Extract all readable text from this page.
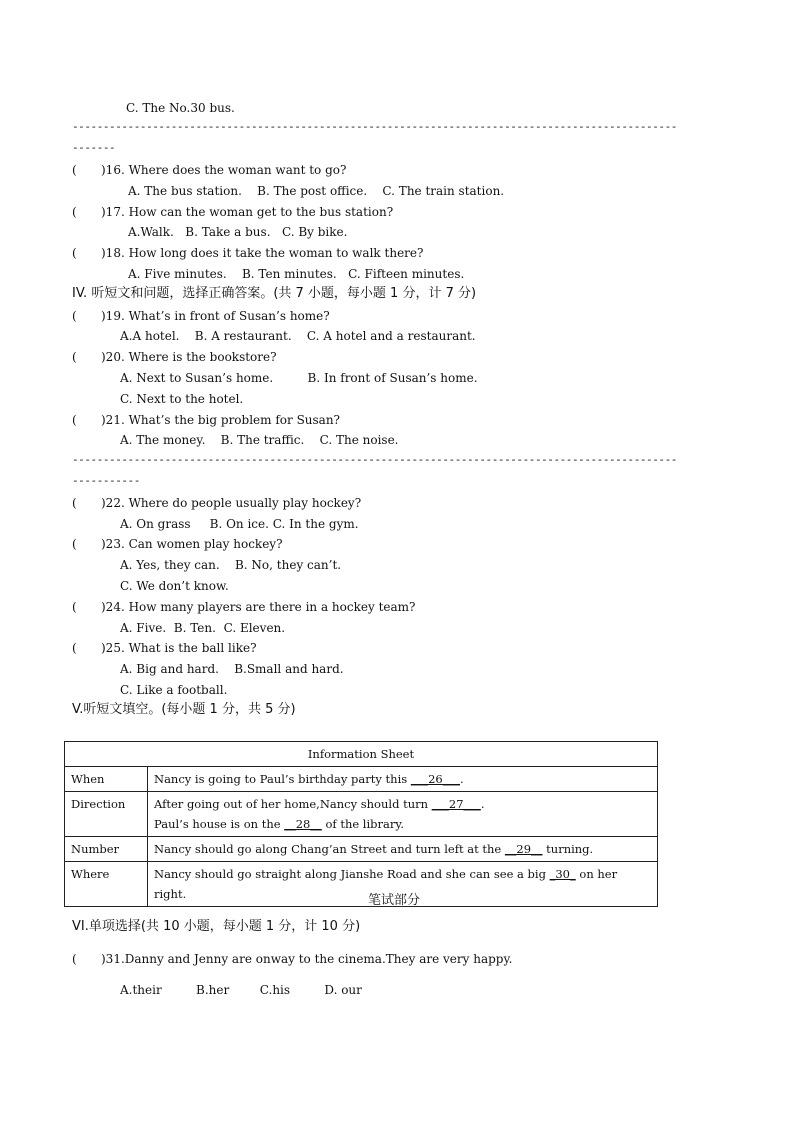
C. The No.30 bus.
--------------------------------------------------------------------------------------------------
-------
( )16. Where does the woman want to go?
A. The bus station.    B. The post office.    C. The train station.
( )17. How can the woman get to the bus station?
A.Walk.   B. Take a bus.   C. By bike.
( )18. How long does it take the woman to walk there?
A. Five minutes.    B. Ten minutes.   C. Fifteen minutes.
IV. 听短文和问题，选择正确答案。(共 7 小题，每小题 1 分，计 7 分)
( )19. What’s in front of Susan’s home?
A.A hotel.    B. A restaurant.    C. A hotel and a restaurant.
( )20. Where is the bookstore?
A. Next to Susan’s home.         B. In front of Susan’s home.
C. Next to the hotel.
( )21. What’s the big problem for Susan?
A. The money.    B. The traffic.    C. The noise.
--------------------------------------------------------------------------------------------------
-----------
( )22. Where do people usually play hockey?
A. On grass     B. On ice. C. In the gym.
( )23. Can women play hockey?
A. Yes, they can.    B. No, they can’t.
C. We don’t know.
( )24. How many players are there in a hockey team?
A. Five.  B. Ten.  C. Eleven.
( )25. What is the ball like?
A. Big and hard.    B.Small and hard.
C. Like a football.
V.听短文填空。(每小题 1 分，共 5 分)
Information Sheet	
When	Nancy is going to Paul’s birthday party this ___26___.
Direction	After going out of her home,Nancy should turn ___27___.
Paul’s house is on the __28__ of the library.
Number	Nancy should go along Chang’an Street and turn left at the __29__ turning.
Where	Nancy should go straight along Jianshe Road and she can see a big _30_ on her right.	笔试部分
VI.单项选择(共 10 小题，每小题 1 分，计 10 分)
( )31.Danny and Jenny are onway to the cinema.They are very happy.
A.their         B.her        C.his         D. our
